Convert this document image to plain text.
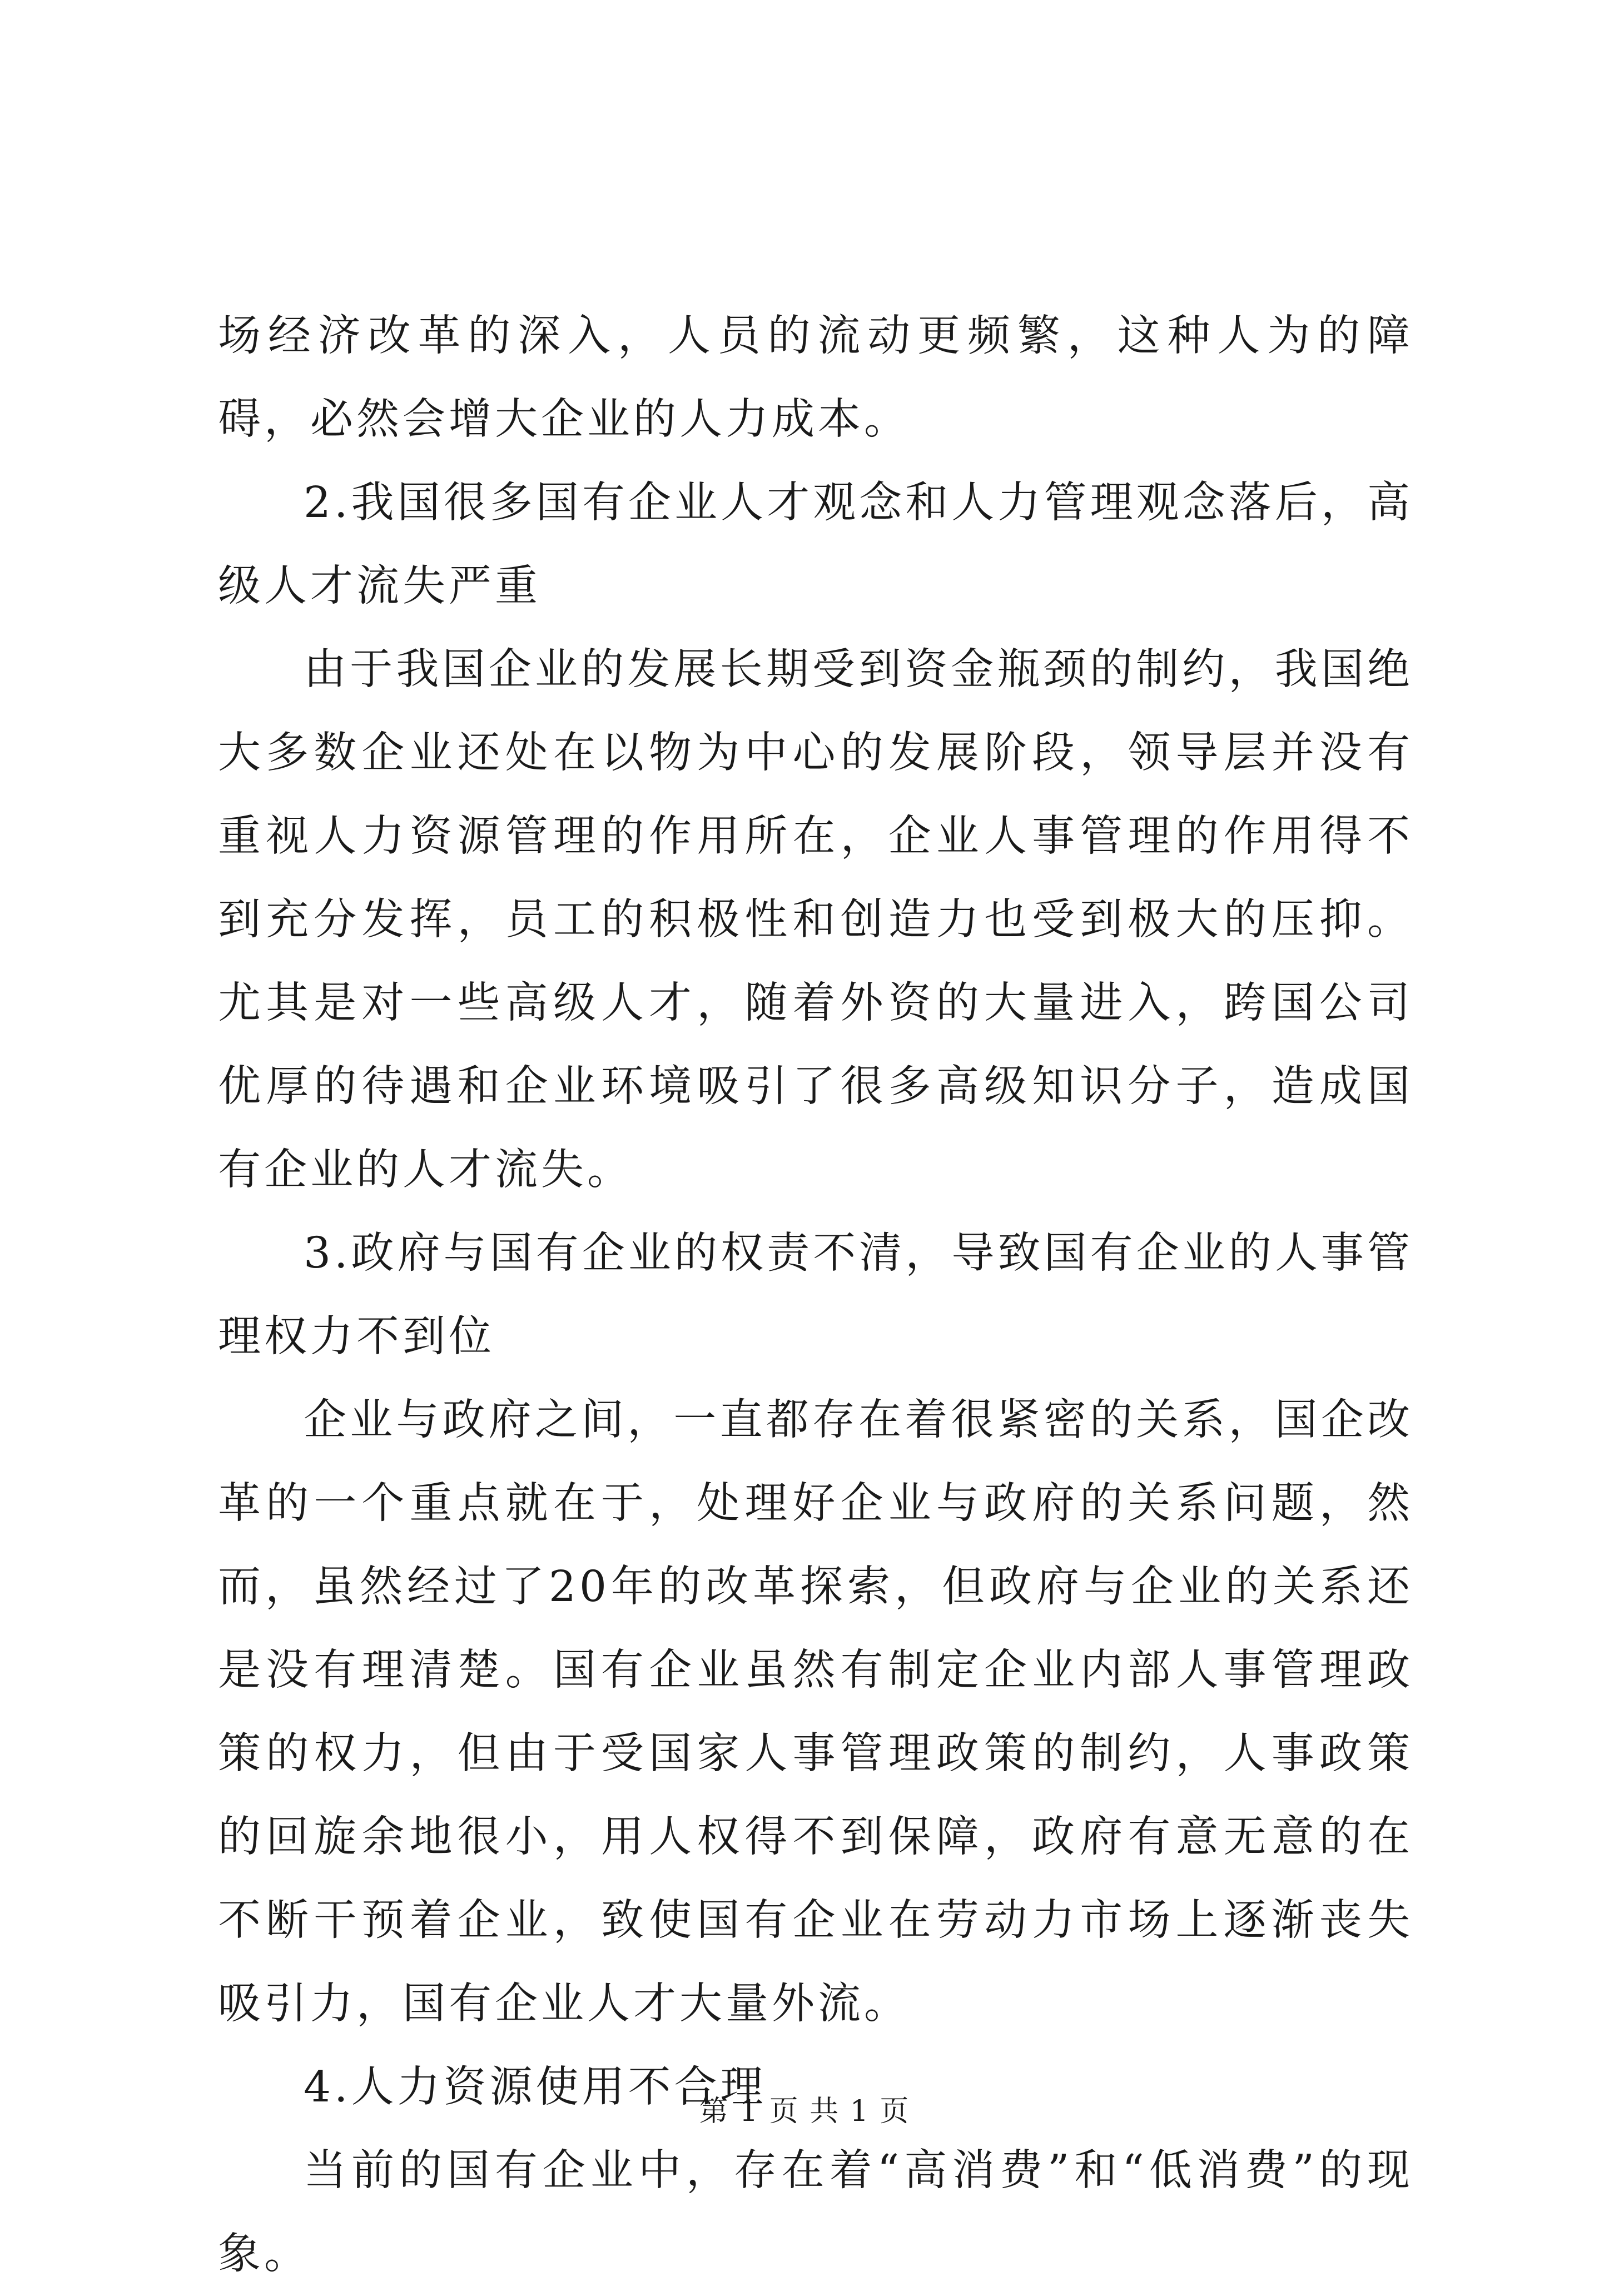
场经济改革的深入，人员的流动更频繁，这种人为的障碍，必然会增大企业的人力成本。

2.我国很多国有企业人才观念和人力管理观念落后，高级人才流失严重

由于我国企业的发展长期受到资金瓶颈的制约，我国绝大多数企业还处在以物为中心的发展阶段，领导层并没有重视人力资源管理的作用所在，企业人事管理的作用得不到充分发挥，员工的积极性和创造力也受到极大的压抑。尤其是对一些高级人才，随着外资的大量进入，跨国公司优厚的待遇和企业环境吸引了很多高级知识分子，造成国有企业的人才流失。

3.政府与国有企业的权责不清，导致国有企业的人事管理权力不到位

企业与政府之间，一直都存在着很紧密的关系，国企改革的一个重点就在于，处理好企业与政府的关系问题，然而，虽然经过了20年的改革探索，但政府与企业的关系还是没有理清楚。国有企业虽然有制定企业内部人事管理政策的权力，但由于受国家人事管理政策的制约，人事政策的回旋余地很小，用人权得不到保障，政府有意无意的在不断干预着企业，致使国有企业在劳动力市场上逐渐丧失吸引力，国有企业人才大量外流。

4.人力资源使用不合理

当前的国有企业中，存在着“高消费”和“低消费”的现象。

第 1 页 共 1 页
